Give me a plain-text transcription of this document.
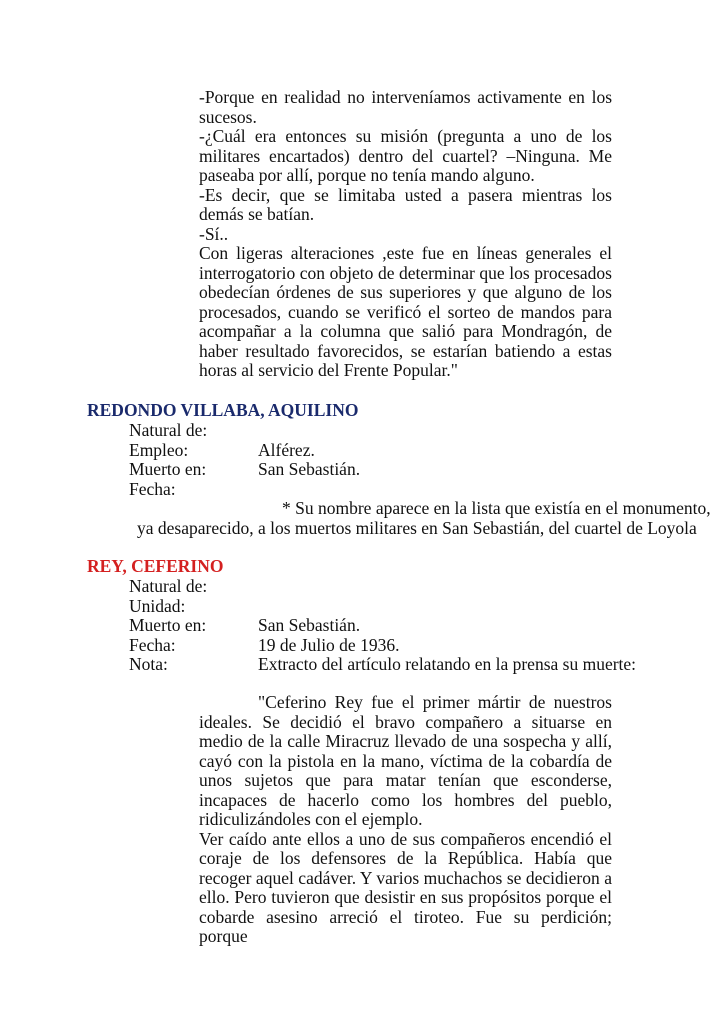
-Porque en realidad no interveníamos activamente en los sucesos.

-¿Cuál era entonces su misión (pregunta a uno de los militares encartados) dentro del cuartel? –Ninguna. Me paseaba por allí, porque no tenía mando alguno.

-Es decir, que se limitaba usted a pasera mientras los demás se batían.

-Sí..

Con ligeras alteraciones ,este fue en líneas generales el interrogatorio con objeto de determinar que los procesados obedecían órdenes de sus superiores y que alguno de los procesados, cuando se verificó el sorteo de mandos para acompañar a la columna que salió para Mondragón, de haber resultado favorecidos, se estarían batiendo a estas horas al servicio del Frente Popular."

REDONDO VILLABA, AQUILINO

Natural de:
Empleo:	Alférez.
Muerto en:	San Sebastián.
Fecha:

* Su nombre aparece en la lista que existía en el monumento,

ya desaparecido, a los muertos militares en San Sebastián, del cuartel de Loyola

REY, CEFERINO

Natural de:
Unidad:
Muerto en:	San Sebastián.
Fecha:	19 de Julio de 1936.
Nota:	Extracto del artículo relatando en la prensa su muerte:

"Ceferino Rey fue el primer mártir de nuestros ideales. Se decidió el bravo compañero a situarse en medio de la calle Miracruz llevado de una sospecha y allí, cayó con la pistola en la mano, víctima de la cobardía de unos sujetos que para matar tenían que esconderse, incapaces de hacerlo como los hombres del pueblo, ridiculizándoles con el ejemplo.

Ver caído ante ellos a uno de sus compañeros encendió el coraje de los defensores de la República. Había que recoger aquel cadáver. Y varios muchachos se decidieron a ello. Pero tuvieron que desistir en sus propósitos porque el cobarde asesino arreció el tiroteo. Fue su perdición; porque
